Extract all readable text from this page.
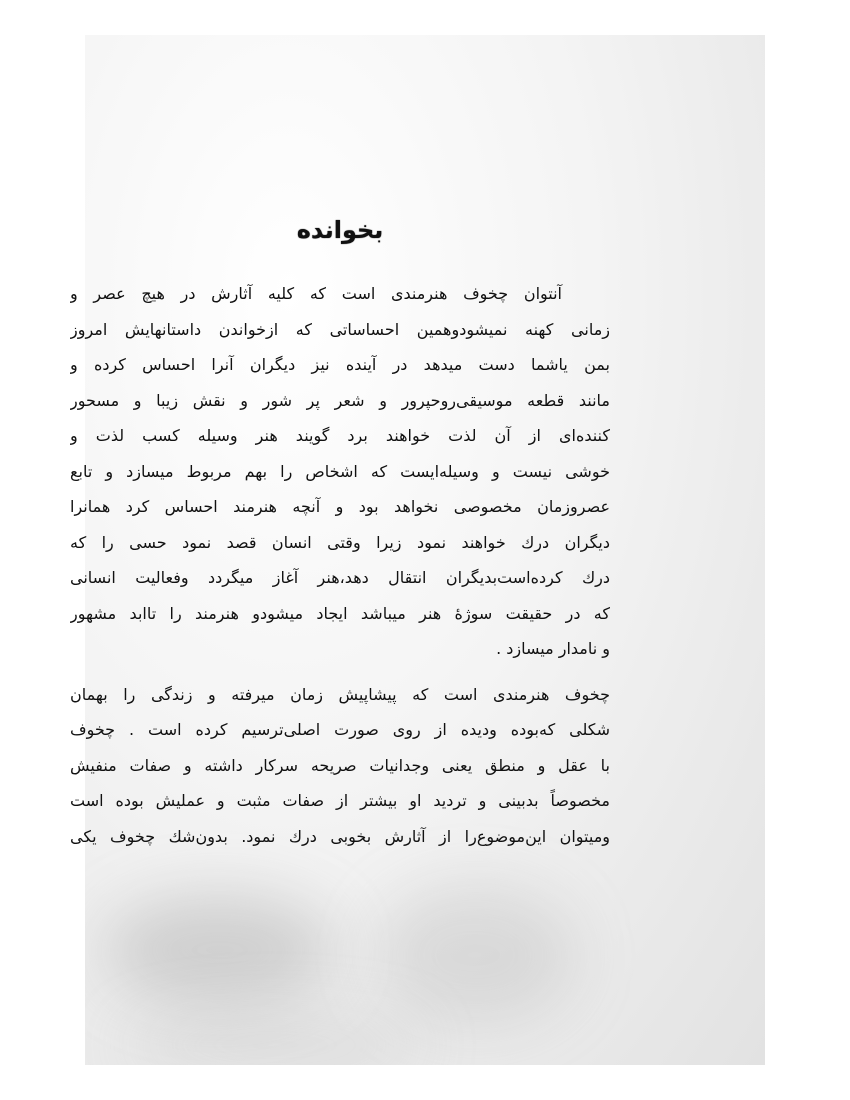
بخوانده
آنتوان چخوف هنرمندی است که کلیه آثارش در هیچ عصر و
زمانی کهنه نمیشودوهمین احساساتی که ازخواندن داستانهایش امروز
بمن یاشما دست میدهد در آینده نیز دیگران آنرا احساس کرده و
مانند قطعه موسیقی‌روحپرور و شعر پر شور و نقش زیبا و مسحور
کننده‌ای از آن لذت خواهند برد گویند هنر وسیله کسب لذت و
خوشی نیست و وسیله‌ایست که اشخاص را بهم مربوط میسازد و تابع
عصروزمان مخصوصی نخواهد بود و آنچه هنرمند احساس کرد همانرا
دیگران درك خواهند نمود زیرا وقتی انسان قصد نمود حسی را که
درك کرده‌است‌بدیگران انتقال دهد،هنر آغاز میگردد وفعالیت انسانی
که در حقیقت سوژهٔ هنر میباشد ایجاد میشودو هنرمند را تاابد مشهور
و نامدار میسازد .
چخوف هنرمندی است که پیشاپیش زمان میرفته و زندگی را بهمان
شکلی که‌بوده ودیده از روی صورت اصلی‌ترسیم کرده است . چخوف
با عقل و منطق یعنی وجدانیات صریحه سرکار داشته و صفات منفیش
مخصوصاً بدبینی و تردید او بیشتر از صفات مثبت و عملیش بوده است
ومیتوان این‌موضوع‌را از آثارش بخوبی درك نمود. بدون‌شك چخوف یکی
